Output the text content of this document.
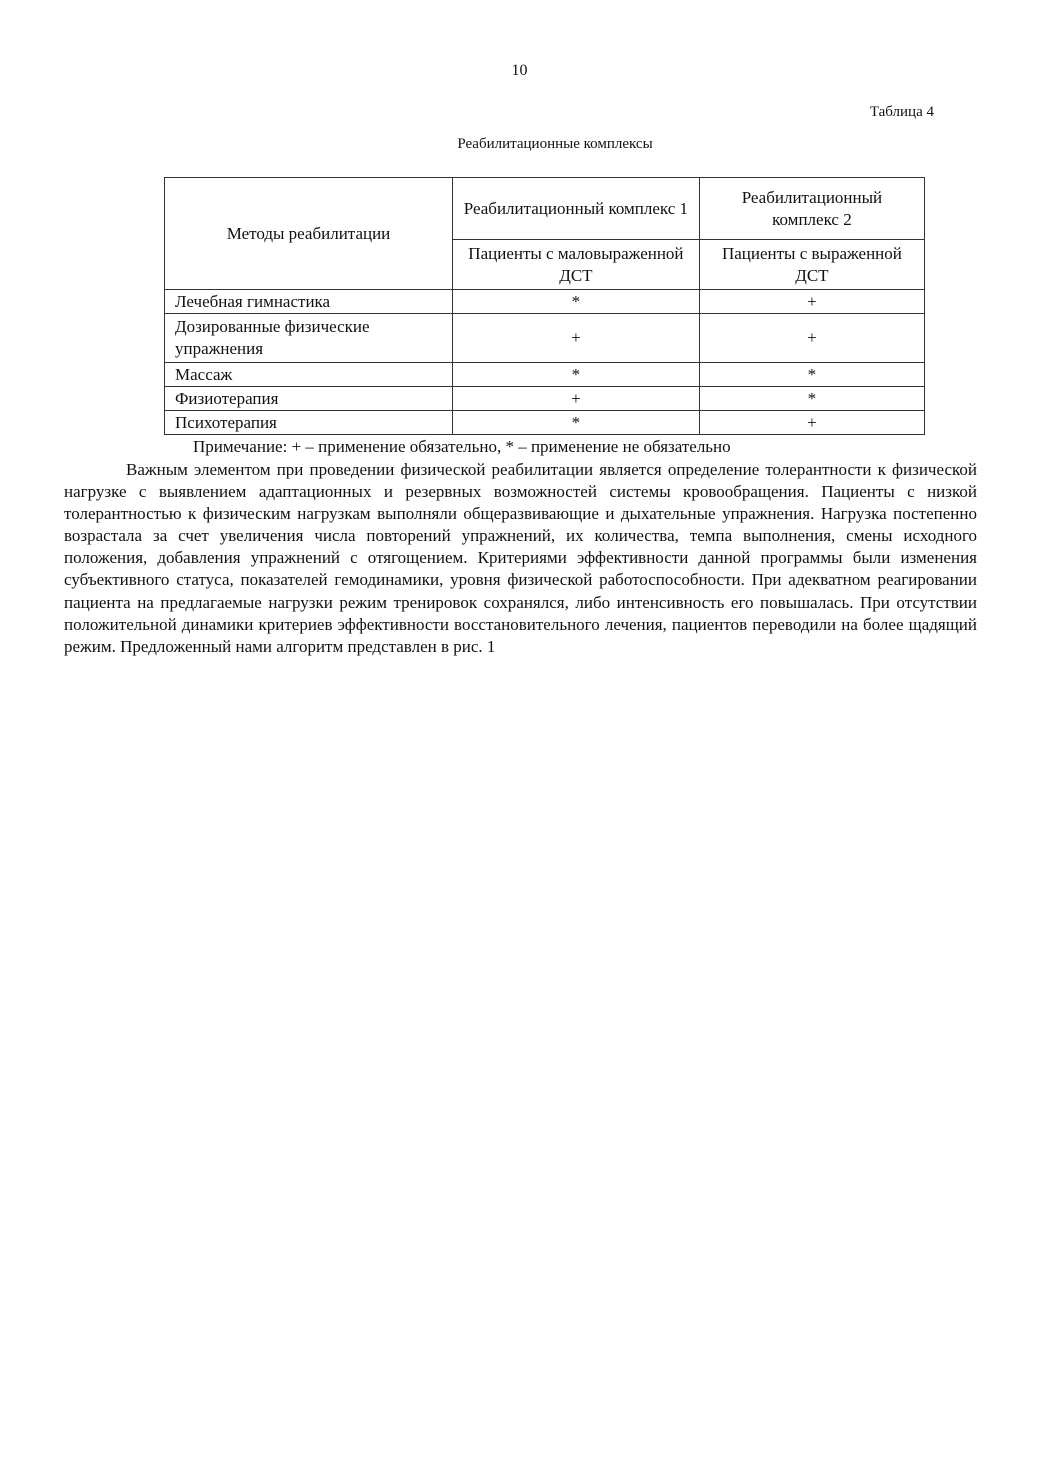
10
Таблица 4
Реабилитационные комплексы
Методы реабилитации	Реабилитационный комплекс 1	Реабилитационный комплекс 2
	Пациенты с маловыраженной ДСТ	Пациенты с выраженной ДСТ
Лечебная гимнастика	*	+
Дозированные физические упражнения	+	+
Массаж	*	*
Физиотерапия	+	*
Психотерапия	*	+
Примечание: + – применение обязательно, * – применение не обязательно

Важным элементом при проведении физической реабилитации является определение толерантности к физической нагрузке с выявлением адаптационных и резервных возможностей системы кровообращения. Пациенты с низкой толерантностью к физическим нагрузкам выполняли общеразвивающие и дыхательные упражнения. Нагрузка постепенно возрастала за счет увеличения числа повторений упражнений, их количества, темпа выполнения, смены исходного положения, добавления упражнений с отягощением. Критериями эффективности данной программы были изменения субъективного статуса, показателей гемодинамики, уровня физической работоспособности. При адекватном реагировании пациента на предлагаемые нагрузки режим тренировок сохранялся, либо интенсивность его повышалась. При отсутствии положительной динамики критериев эффективности восстановительного лечения, пациентов переводили на более щадящий режим. Предложенный нами алгоритм представлен в рис. 1
